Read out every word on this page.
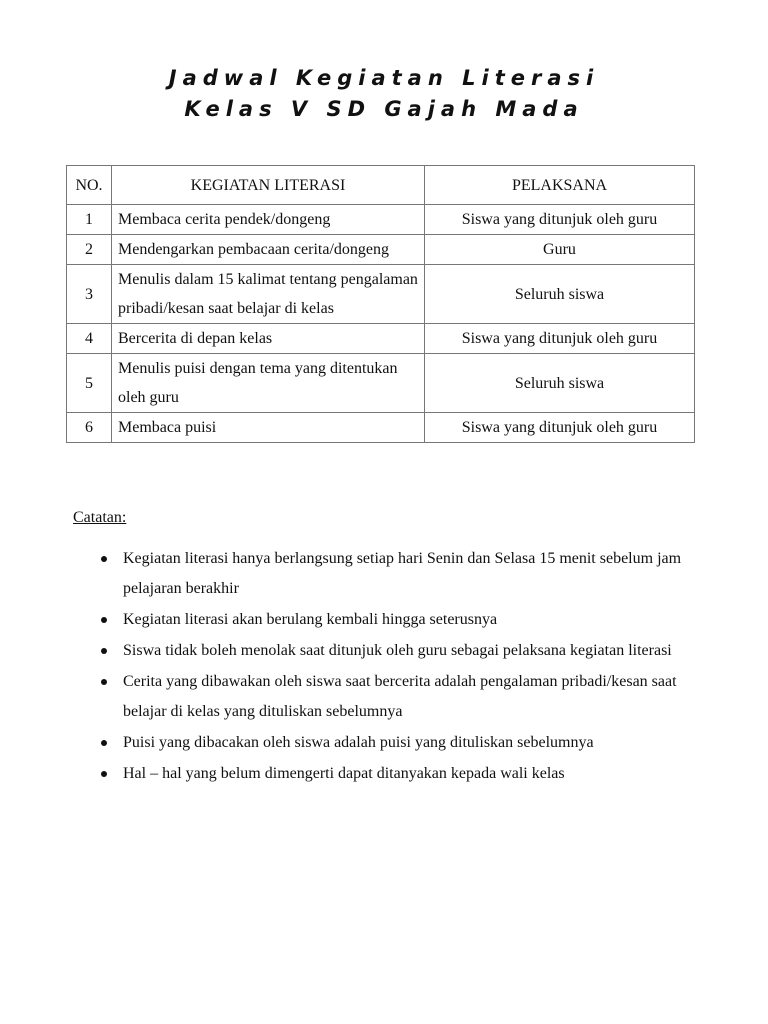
Jadwal Kegiatan Literasi
Kelas V SD Gajah Mada
NO.	KEGIATAN LITERASI	PELAKSANA
1	Membaca cerita pendek/dongeng	Siswa yang ditunjuk oleh guru
2	Mendengarkan pembacaan cerita/dongeng	Guru
3	Menulis dalam 15 kalimat tentang pengalaman pribadi/kesan saat belajar di kelas	Seluruh siswa
4	Bercerita di depan kelas	Siswa yang ditunjuk oleh guru
5	Menulis puisi dengan tema yang ditentukan oleh guru	Seluruh siswa
6	Membaca puisi	Siswa yang ditunjuk oleh guru
Catatan:
Kegiatan literasi hanya berlangsung setiap hari Senin dan Selasa 15 menit sebelum jam pelajaran berakhir
Kegiatan literasi akan berulang kembali hingga seterusnya
Siswa tidak boleh menolak saat ditunjuk oleh guru sebagai pelaksana kegiatan literasi
Cerita yang dibawakan oleh siswa saat bercerita adalah pengalaman pribadi/kesan saat belajar di kelas yang dituliskan sebelumnya
Puisi yang dibacakan oleh siswa adalah puisi yang dituliskan sebelumnya
Hal – hal yang belum dimengerti dapat ditanyakan kepada wali kelas
